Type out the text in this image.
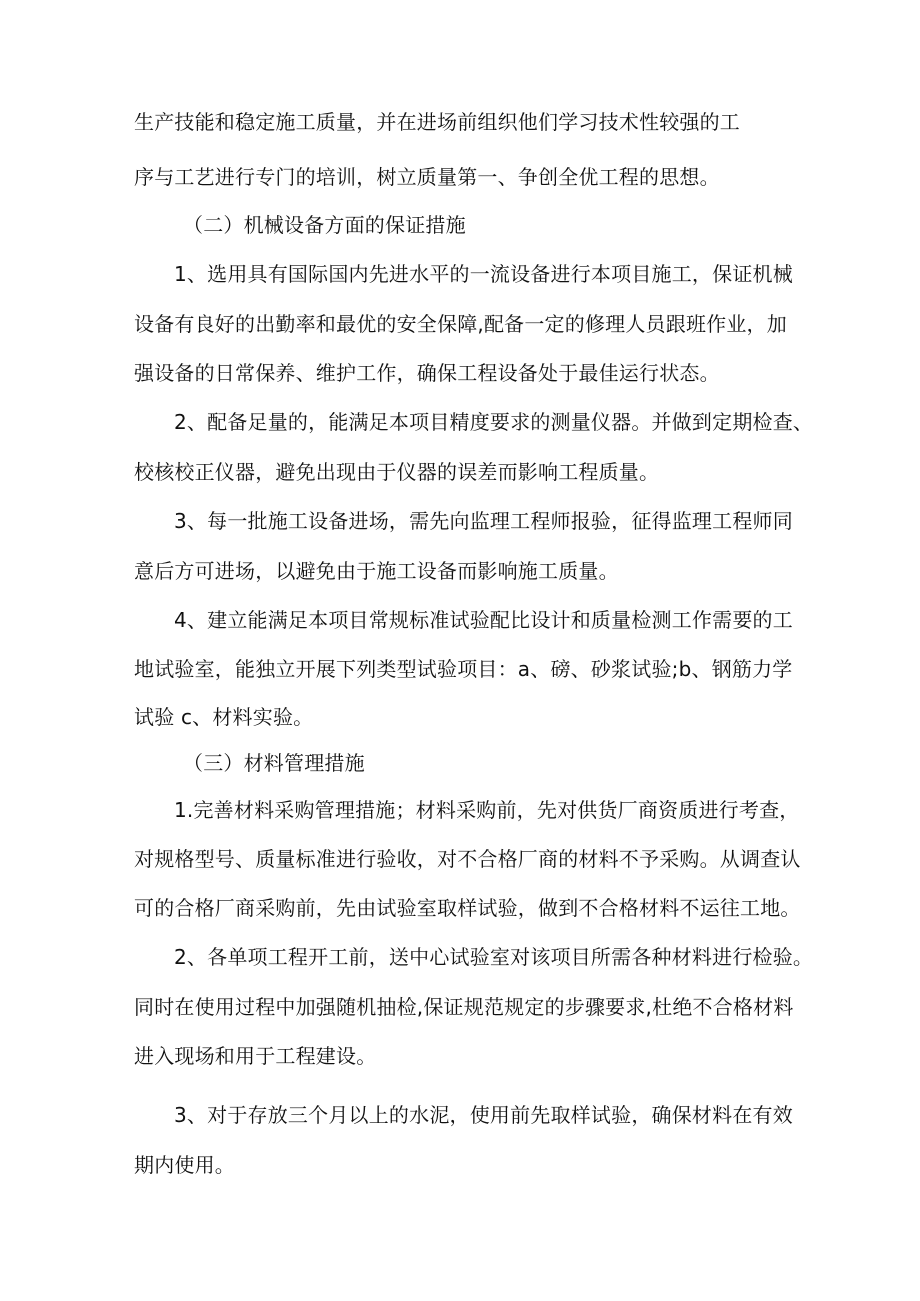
生产技能和稳定施工质量，并在进场前组织他们学习技术性较强的工
序与工艺进行专门的培训，树立质量第一、争创全优工程的思想。
（二）机械设备方面的保证措施
1、选用具有国际国内先进水平的一流设备进行本项目施工，保证机械
设备有良好的出勤率和最优的安全保障,配备一定的修理人员跟班作业，加
强设备的日常保养、维护工作，确保工程设备处于最佳运行状态。
2、配备足量的，能满足本项目精度要求的测量仪器。并做到定期检查、
校核校正仪器，避免出现由于仪器的误差而影响工程质量。
3、每一批施工设备进场，需先向监理工程师报验，征得监理工程师同
意后方可进场，以避免由于施工设备而影响施工质量。
4、建立能满足本项目常规标准试验配比设计和质量检测工作需要的工
地试验室，能独立开展下列类型试验项目：a、磅、砂浆试验;b、钢筋力学
试验 c、材料实验。
（三）材料管理措施
1.完善材料采购管理措施；材料采购前，先对供货厂商资质进行考查，
对规格型号、质量标准进行验收，对不合格厂商的材料不予采购。从调查认
可的合格厂商采购前，先由试验室取样试验，做到不合格材料不运往工地。
2、各单项工程开工前，送中心试验室对该项目所需各种材料进行检验。
同时在使用过程中加强随机抽检,保证规范规定的步骤要求,杜绝不合格材料
进入现场和用于工程建设。
3、对于存放三个月以上的水泥，使用前先取样试验，确保材料在有效
期内使用。
